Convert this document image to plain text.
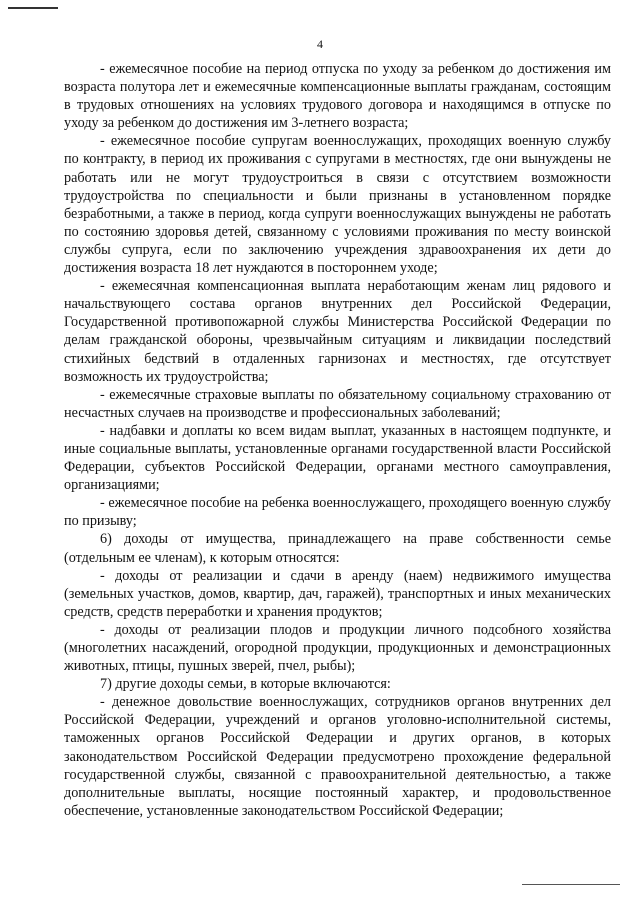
4

- ежемесячное пособие на период отпуска по уходу за ребенком до достижения им возраста полутора лет и ежемесячные компенсационные выплаты гражданам, состоящим в трудовых отношениях на условиях трудового договора и находящимся в отпуске по уходу за ребенком до достижения им 3-летнего возраста;

- ежемесячное пособие супругам военнослужащих, проходящих военную службу по контракту, в период их проживания с супругами в местностях, где они вынуждены не работать или не могут трудоустроиться в связи с отсутствием возможности трудоустройства по специальности и были признаны в установленном порядке безработными, а также в период, когда супруги военнослужащих вынуждены не работать по состоянию здоровья детей, связанному с условиями проживания по месту воинской службы супруга, если по заключению учреждения здравоохранения их дети до достижения возраста 18 лет нуждаются в постороннем уходе;

- ежемесячная компенсационная выплата неработающим женам лиц рядового и начальствующего состава органов внутренних дел Российской Федерации, Государственной противопожарной службы Министерства Российской Федерации по делам гражданской обороны, чрезвычайным ситуациям и ликвидации последствий стихийных бедствий в отдаленных гарнизонах и местностях, где отсутствует возможность их трудоустройства;

- ежемесячные страховые выплаты по обязательному социальному страхованию от несчастных случаев на производстве и профессиональных заболеваний;

- надбавки и доплаты ко всем видам выплат, указанных в настоящем подпункте, и иные социальные выплаты, установленные органами государственной власти Российской Федерации, субъектов Российской Федерации, органами местного самоуправления, организациями;

- ежемесячное пособие на ребенка военнослужащего, проходящего военную службу по призыву;

6) доходы от имущества, принадлежащего на праве собственности семье (отдельным ее членам), к которым относятся:

- доходы от реализации и сдачи в аренду (наем) недвижимого имущества (земельных участков, домов, квартир, дач, гаражей), транспортных и иных механических средств, средств переработки и хранения продуктов;

- доходы от реализации плодов и продукции личного подсобного хозяйства (многолетних насаждений, огородной продукции, продукционных и демонстрационных животных, птицы, пушных зверей, пчел, рыбы);

7) другие доходы семьи, в которые включаются:

- денежное довольствие военнослужащих, сотрудников органов внутренних дел Российской Федерации, учреждений и органов уголовно-исполнительной системы, таможенных органов Российской Федерации и других органов, в которых законодательством Российской Федерации предусмотрено прохождение федеральной государственной службы, связанной с правоохранительной деятельностью, а также дополнительные выплаты, носящие постоянный характер, и продовольственное обеспечение, установленные законодательством Российской Федерации;
